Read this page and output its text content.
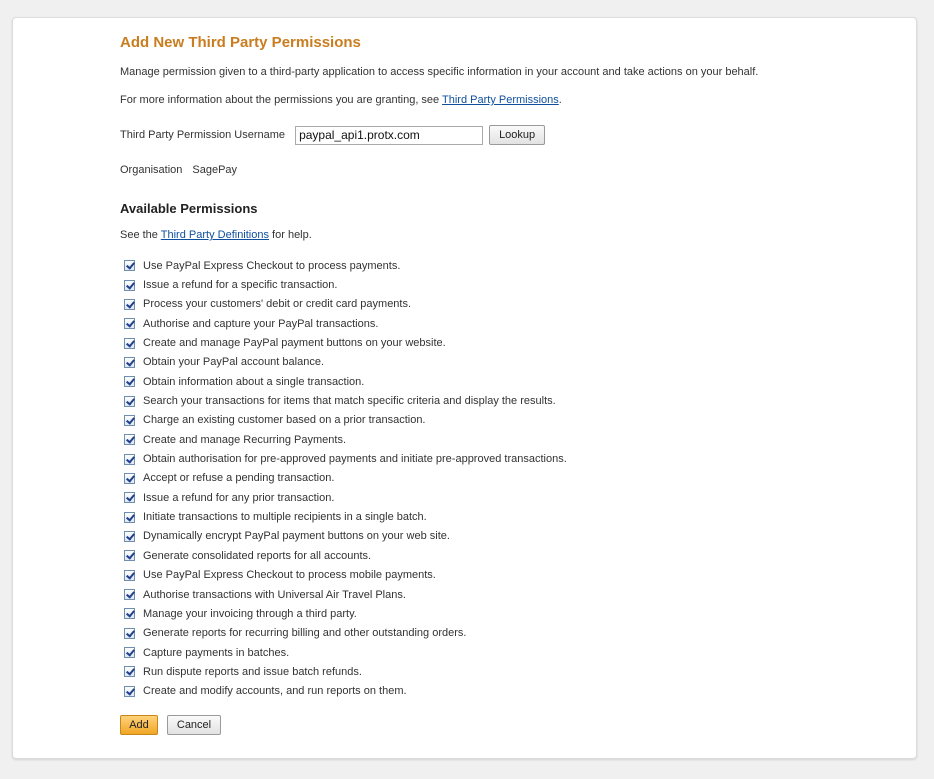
Add New Third Party Permissions
Manage permission given to a third-party application to access specific information in your account and take actions on your behalf.
For more information about the permissions you are granting, see Third Party Permissions.
Third Party Permission Username
paypal_api1.protx.com	Lookup
Organisation SagePay
Available Permissions
See the Third Party Definitions for help.
Use PayPal Express Checkout to process payments.
Issue a refund for a specific transaction.
Process your customers' debit or credit card payments.
Authorise and capture your PayPal transactions.
Create and manage PayPal payment buttons on your website.
Obtain your PayPal account balance.
Obtain information about a single transaction.
Search your transactions for items that match specific criteria and display the results.
Charge an existing customer based on a prior transaction.
Create and manage Recurring Payments.
Obtain authorisation for pre-approved payments and initiate pre-approved transactions.
Accept or refuse a pending transaction.
Issue a refund for any prior transaction.
Initiate transactions to multiple recipients in a single batch.
Dynamically encrypt PayPal payment buttons on your web site.
Generate consolidated reports for all accounts.
Use PayPal Express Checkout to process mobile payments.
Authorise transactions with Universal Air Travel Plans.
Manage your invoicing through a third party.
Generate reports for recurring billing and other outstanding orders.
Capture payments in batches.
Run dispute reports and issue batch refunds.
Create and modify accounts, and run reports on them.
Add	Cancel
